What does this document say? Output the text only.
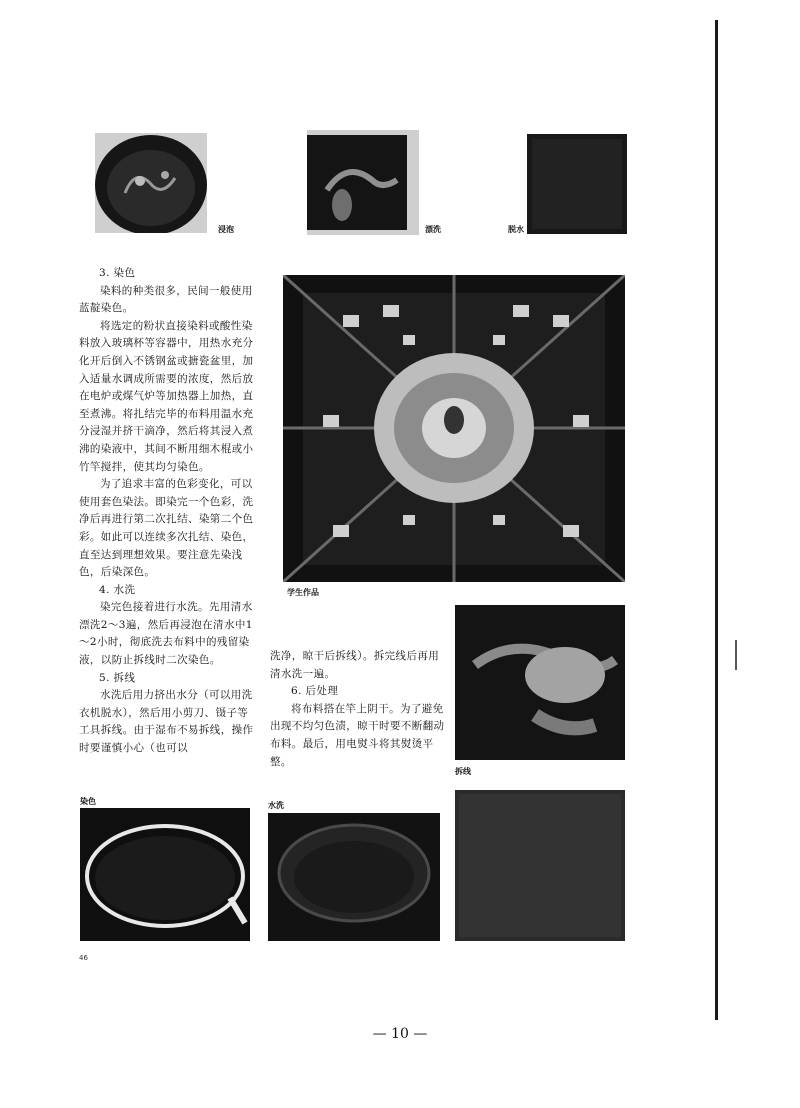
浸泡	漂洗	脱水

3. 染色

染料的种类很多，民间一般使用蓝靛染色。

将选定的粉状直接染料或酸性染料放入玻璃杯等容器中，用热水充分化开后倒入不锈钢盆或搪瓷盆里，加入适量水调成所需要的浓度，然后放在电炉或煤气炉等加热器上加热，直至煮沸。将扎结完毕的布料用温水充分浸湿并挤干滴净，然后将其浸入煮沸的染液中，其间不断用细木棍或小竹竿搅拌，使其均匀染色。

为了追求丰富的色彩变化，可以使用套色染法。即染完一个色彩，洗净后再进行第二次扎结、染第二个色彩。如此可以连续多次扎结、染色，直至达到理想效果。要注意先染浅色，后染深色。

4. 水洗

染完色接着进行水洗。先用清水漂洗2～3遍，然后再浸泡在清水中1～2小时，彻底洗去布料中的残留染液，以防止拆线时二次染色。

5. 拆线

水洗后用力挤出水分（可以用洗衣机脱水），然后用小剪刀、镊子等工具拆线。由于湿布不易拆线，操作时要谨慎小心（也可以

学生作品

洗净，晾干后拆线）。拆完线后再用清水洗一遍。

6. 后处理

将布料搭在竿上阴干。为了避免出现不均匀色渍，晾干时要不断翻动布料。最后，用电熨斗将其熨烫平整。

拆线
染色	水洗
46
— 10 —
